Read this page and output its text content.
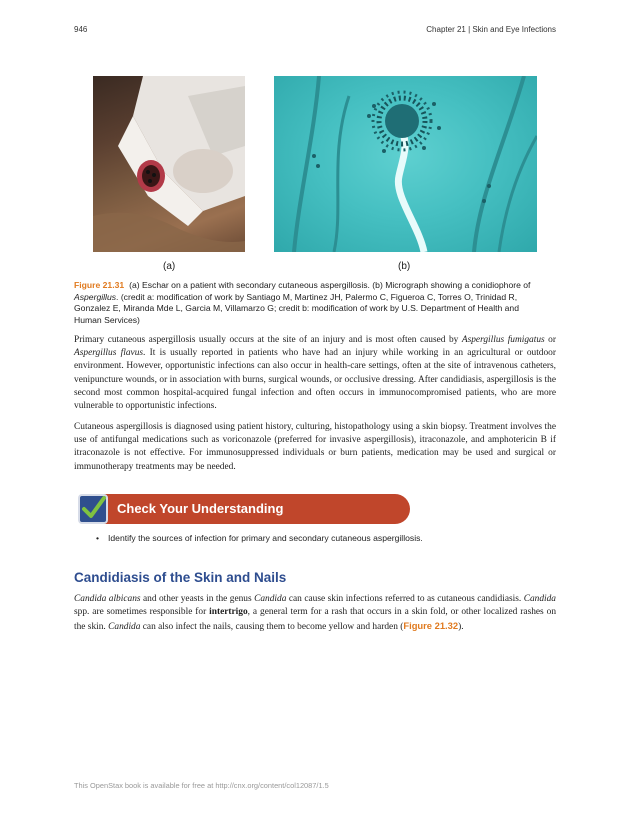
946	Chapter 21 | Skin and Eye Infections
(a)	(b)
Figure 21.31 (a) Eschar on a patient with secondary cutaneous aspergillosis. (b) Micrograph showing a conidiophore of Aspergillus. (credit a: modification of work by Santiago M, Martinez JH, Palermo C, Figueroa C, Torres O, Trinidad R, Gonzalez E, Miranda Mde L, Garcia M, Villamarzo G; credit b: modification of work by U.S. Department of Health and Human Services)

Primary cutaneous aspergillosis usually occurs at the site of an injury and is most often caused by Aspergillus fumigatus or Aspergillus flavus. It is usually reported in patients who have had an injury while working in an agricultural or outdoor environment. However, opportunistic infections can also occur in health-care settings, often at the site of intravenous catheters, venipuncture wounds, or in association with burns, surgical wounds, or occlusive dressing. After candidiasis, aspergillosis is the second most common hospital-acquired fungal infection and often occurs in immunocompromised patients, who are more vulnerable to opportunistic infections.

Cutaneous aspergillosis is diagnosed using patient history, culturing, histopathology using a skin biopsy. Treatment involves the use of antifungal medications such as voriconazole (preferred for invasive aspergillosis), itraconazole, and amphotericin B if itraconazole is not effective. For immunosuppressed individuals or burn patients, medication may be used and surgical or immunotherapy treatments may be needed.

Check Your Understanding
• Identify the sources of infection for primary and secondary cutaneous aspergillosis.
Candidiasis of the Skin and Nails

Candida albicans and other yeasts in the genus Candida can cause skin infections referred to as cutaneous candidiasis. Candida spp. are sometimes responsible for intertrigo, a general term for a rash that occurs in a skin fold, or other localized rashes on the skin. Candida can also infect the nails, causing them to become yellow and harden (Figure 21.32).

This OpenStax book is available for free at http://cnx.org/content/col12087/1.5
